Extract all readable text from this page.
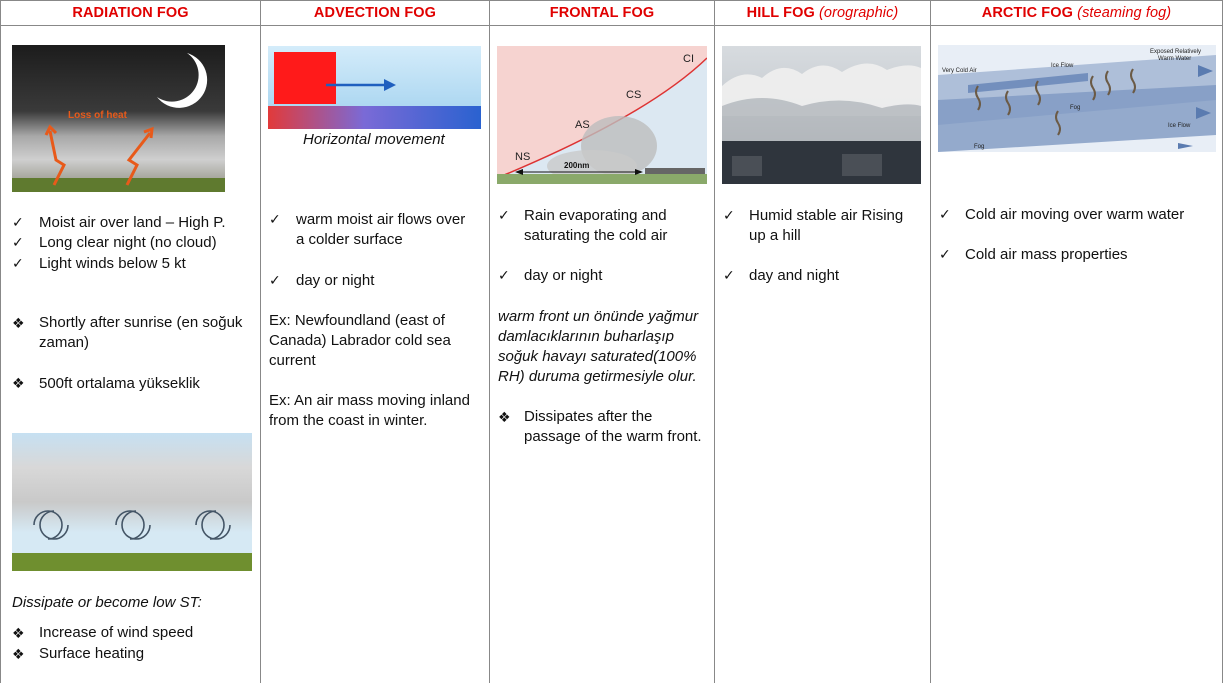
RADIATION FOG
Loss of heat
✓ Moist air over land – High P.
✓ Long clear night (no cloud)
✓ Light winds below 5 kt
❖ Shortly after sunrise (en soğuk
zaman)
❖ 500ft ortalama yükseklik
Dissipate or become low ST:
❖ Increase of wind speed
❖ Surface heating
ADVECTION FOG
Horizontal movement
✓ warm moist air flows over
a colder surface
✓ day or night
Ex: Newfoundland (east of
Canada) Labrador cold sea
current
Ex: An air mass moving inland
from the coast in winter.
FRONTAL FOG
CI
CS
AS
NS
200nm
✓ Rain evaporating and
saturating the cold air
✓ day or night
warm front un önünde yağmur
damlacıklarının buharlaşıp
soğuk havayı saturated(100%
RH) duruma getirmesiyle olur.
❖ Dissipates after the
passage of the warm front.
HILL FOG
(orographic)
✓ Humid stable air Rising
up a hill
✓ day and night
ARCTIC FOG
(steaming fog)
Exposed Relatively
Warm Water
Very Cold Air
Ice Flow
Fog
Ice Flow
Fog
✓ Cold air moving over warm water
✓ Cold air mass properties
